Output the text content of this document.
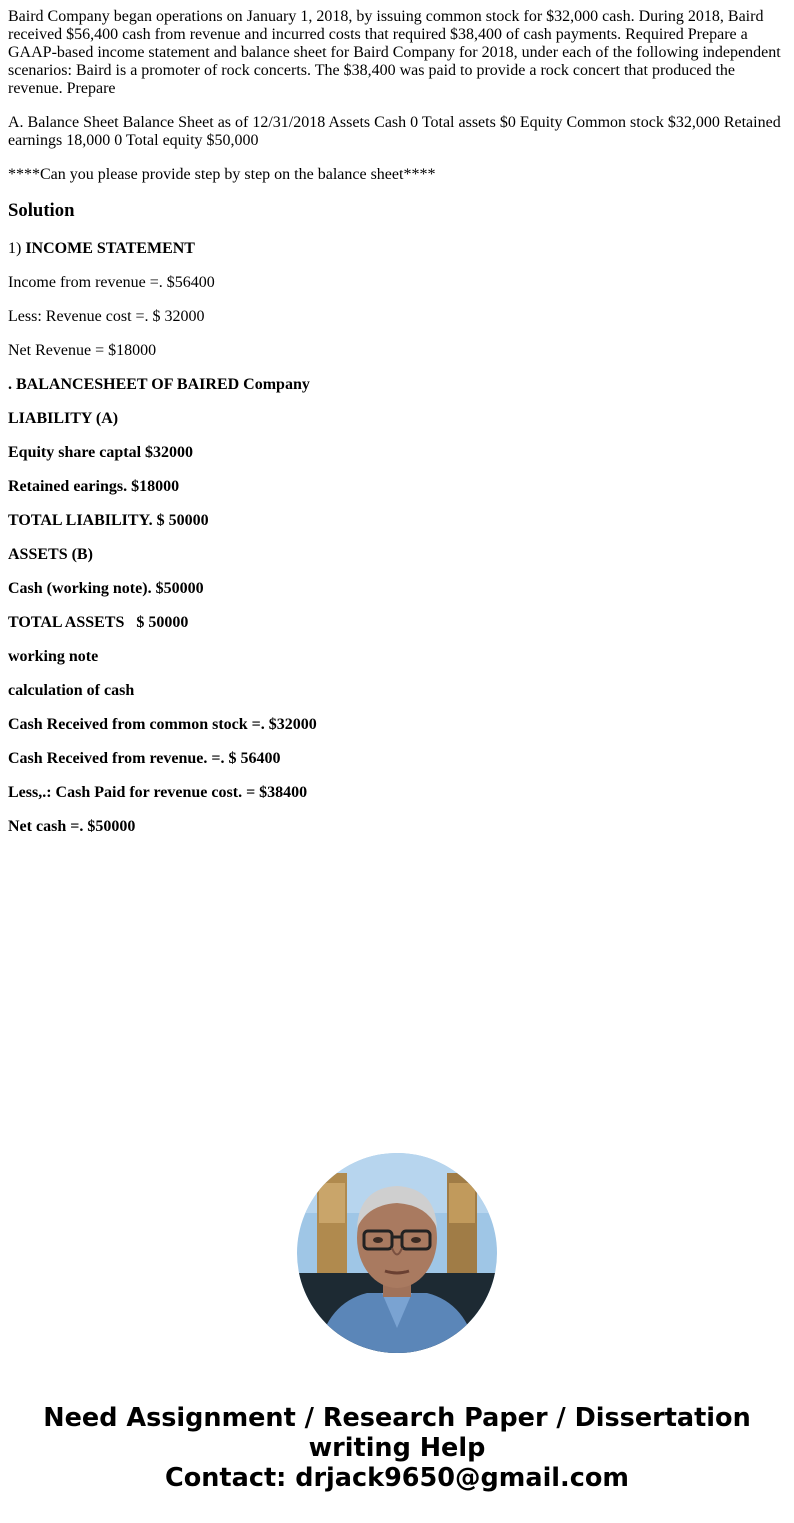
Baird Company began operations on January 1, 2018, by issuing common stock for $32,000 cash. During 2018, Baird received $56,400 cash from revenue and incurred costs that required $38,400 of cash payments. Required Prepare a GAAP-based income statement and balance sheet for Baird Company for 2018, under each of the following independent scenarios: Baird is a promoter of rock concerts. The $38,400 was paid to provide a rock concert that produced the revenue. Prepare

A. Balance Sheet Balance Sheet as of 12/31/2018 Assets Cash 0 Total assets $0 Equity Common stock $32,000 Retained earnings 18,000 0 Total equity $50,000

****Can you please provide step by step on the balance sheet****

Solution
1) INCOME STATEMENT
Income from revenue =. $56400
Less: Revenue cost =. $ 32000
Net Revenue = $18000
. BALANCESHEET OF BAIRED Company
LIABILITY (A)
Equity share captal $32000
Retained earings. $18000
TOTAL LIABILITY. $ 50000
ASSETS (B)
Cash (working note). $50000
TOTAL ASSETS   $ 50000
working note
calculation of cash
Cash Received from common stock =. $32000
Cash Received from revenue. =. $ 56400
Less,.: Cash Paid for revenue cost. = $38400
Net cash =. $50000
Need Assignment / Research Paper / Dissertation
writing Help
Contact: drjack9650@gmail.com
